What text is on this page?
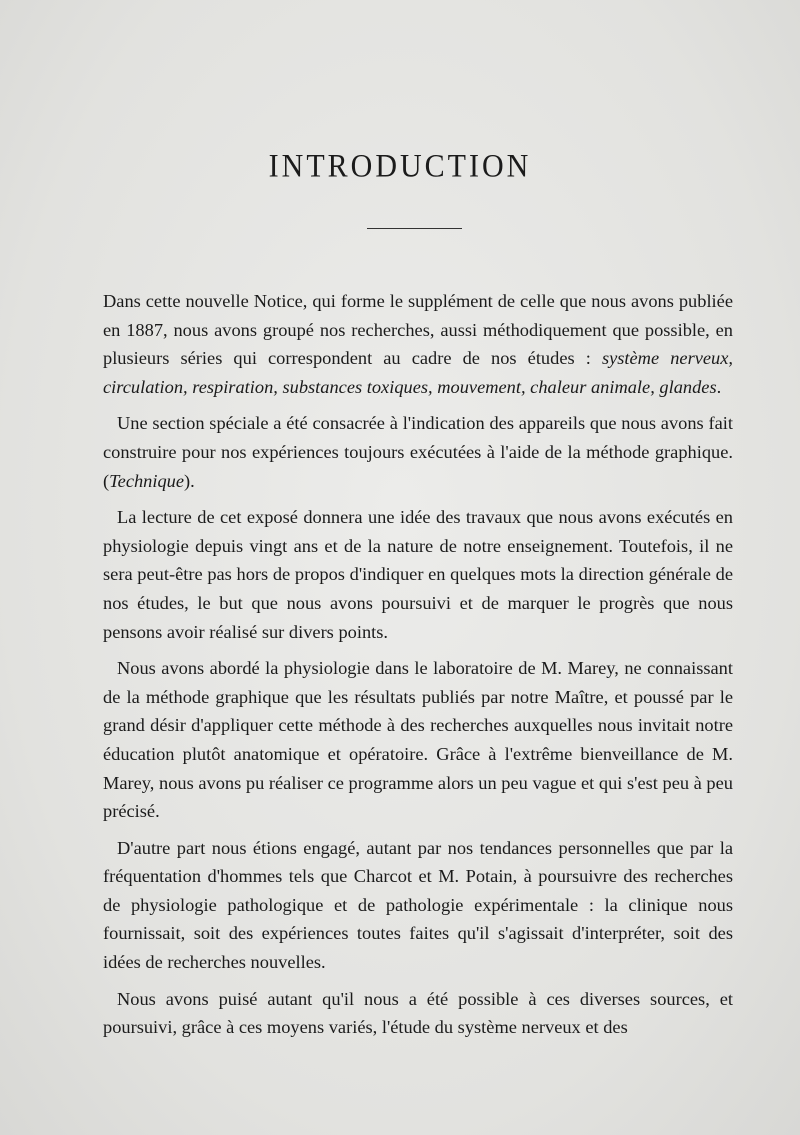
INTRODUCTION

Dans cette nouvelle Notice, qui forme le supplément de celle que nous avons publiée en 1887, nous avons groupé nos recherches, aussi méthodiquement que possible, en plusieurs séries qui correspondent au cadre de nos études : système nerveux, circulation, respiration, substances toxiques, mouvement, chaleur animale, glandes.

Une section spéciale a été consacrée à l'indication des appareils que nous avons fait construire pour nos expériences toujours exécutées à l'aide de la méthode graphique. (Technique).

La lecture de cet exposé donnera une idée des travaux que nous avons exécutés en physiologie depuis vingt ans et de la nature de notre enseignement. Toutefois, il ne sera peut-être pas hors de propos d'indiquer en quelques mots la direction générale de nos études, le but que nous avons poursuivi et de marquer le progrès que nous pensons avoir réalisé sur divers points.

Nous avons abordé la physiologie dans le laboratoire de M. Marey, ne connaissant de la méthode graphique que les résultats publiés par notre Maître, et poussé par le grand désir d'appliquer cette méthode à des recherches auxquelles nous invitait notre éducation plutôt anatomique et opératoire. Grâce à l'extrême bienveillance de M. Marey, nous avons pu réaliser ce programme alors un peu vague et qui s'est peu à peu précisé.

D'autre part nous étions engagé, autant par nos tendances personnelles que par la fréquentation d'hommes tels que Charcot et M. Potain, à poursuivre des recherches de physiologie pathologique et de pathologie expérimentale : la clinique nous fournissait, soit des expériences toutes faites qu'il s'agissait d'interpréter, soit des idées de recherches nouvelles.

Nous avons puisé autant qu'il nous a été possible à ces diverses sources, et poursuivi, grâce à ces moyens variés, l'étude du système nerveux et des
